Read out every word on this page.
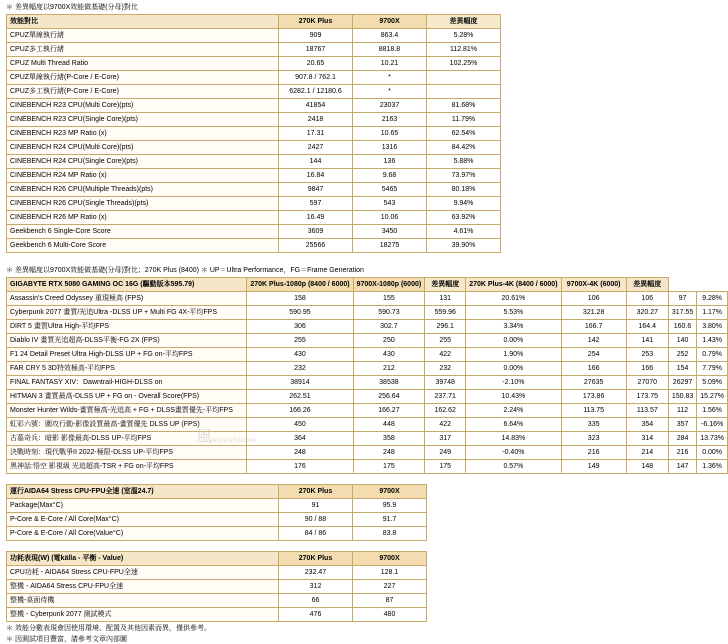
＊ 差異幅度以9700X效能做基礎(分母)對比
效能對比	270K Plus	9700X	差異幅度
CPUZ單線執行緒	909	863.4	5.28%
CPUZ多工執行緒	18767	8818.8	112.81%
CPUZ Multi Thread Ratio	20.65	10.21	102.25%
CPUZ單線執行緒(P-Core / E-Core)	907.8 / 762.1	*	
CPUZ多工執行緒(P-Core / E-Core)	6282.1 / 12180.6	*	
CINEBENCH R23 CPU(Multi Core)(pts)	41854	23037	81.68%
CINEBENCH R23 CPU(Single Core)(pts)	2418	2163	11.79%
CINEBENCH R23 MP Ratio (x)	17.31	10.65	62.54%
CINEBENCH R24 CPU(Multi Core)(pts)	2427	1316	84.42%
CINEBENCH R24 CPU(Single Core)(pts)	144	136	5.88%
CINEBENCH R24 MP Ratio (x)	16.84	9.68	73.97%
CINEBENCH R26 CPU(Multiple Threads)(pts)	9847	5465	80.18%
CINEBENCH R26 CPU(Single Threads)(pts)	597	543	9.94%
CINEBENCH R26 MP Ratio (x)	16.49	10.06	63.92%
Geekbench 6 Single-Core Score	3609	3450	4.61%
Geekbench 6 Multi-Core Score	25566	18275	39.90%
＊ 差異幅度以9700X效能做基礎(分母)對比；270K Plus (8400) ＊ UP＝Ultra Performance，FG＝Frame Generation
GIGABYTE RTX 5080 GAMING OC 16G (驅動版本595.79)	270K Plus-1080p (8400 / 6000)	9700X-1080p (6000)	差異幅度	270K Plus-4K (8400 / 6000)	9700X-4K (6000)	差異幅度		
Assassin's Creed Odyssey 重現極高 (FPS)	158	155	131	20.61%	106	106	97	9.28%
Cyberpunk 2077 畫質/光追Ultra -DLSS UP + Multi FG 4X-平均FPS	590.95	590.73	559.96	5.53%	321.28	320.27	317.55	1.17%
DIRT 5 畫質Ultra High-平均FPS	306	302.7	296.1	3.34%	166.7	164.4	160.6	3.80%
Diablo IV 畫質光追超高-DLSS平衡-FG 2X (FPS)	255	250	255	0.00%	142	141	140	1.43%
F1 24 Detail Preset Ultra High-DLSS UP + FG on-平均FPS	430	430	422	1.90%	254	253	252	0.79%
FAR CRY 5 3D特效極高-平均FPS	232	212	232	0.00%	166	166	154	7.79%
FINAL FANTASY XIV：Dawntrail-HIGH-DLSS on	38914	38538	39748	-2.10%	27635	27070	26297	5.09%
HITMAN 3 畫質最高-DLSS UP + FG on - Overall Score(FPS)	262.51	256.64	237.71	10.43%	173.86	173.75	150.83	15.27%
Monster Hunter Wilds-畫質極高-光追高 + FG + DLSS畫質優先-平均FPS	166.26	166.27	162.62	2.24%	113.75	113.57	112	1.56%
虹彩六號：圍攻行動-影像設質最高-畫質優先 DLSS UP (FPS)	450	448	422	6.64%	335	354	357	-6.16%
古墓奇兵：暗影 影像最高-DLSS UP-平均FPS	364	358	317	14.83%	323	314	284	13.73%
決戰時刻：現代戰爭II 2022-極限-DLSS UP-平均FPS	248	248	249	-0.40%	216	214	216	0.00%
黑神話:悟空 影視級 光追超高-TSR + FG on-平均FPS	176	175	175	0.57%	149	148	147	1.36%
運行AIDA64 Stress CPU‧FPU全速 (室溫24.7)	270K Plus	9700X
Package(Max°C)	91	95.9
P-Core & E-Core / All Core(Max°C)	90 / 88	91.7
P-Core & E-Core / All Core(Value°C)	84 / 86	83.8
功耗表現(W) (電källa - 平衡 - Value)	270K Plus	9700X
CPU功耗 - AIDA64 Stress CPU‧FPU全速	232.47	128.1
整機 - AIDA64 Stress CPU‧FPU全速	312	227
整機-桌面待機	66	87
整機 - Cyberpunk 2077 測試模式	476	480
＊ 效能分數表現會因使用環境、配置及其他因素而異，僅供參考。
＊ 因測試項目豐富，請參考文章內部圖
風windwithtime
